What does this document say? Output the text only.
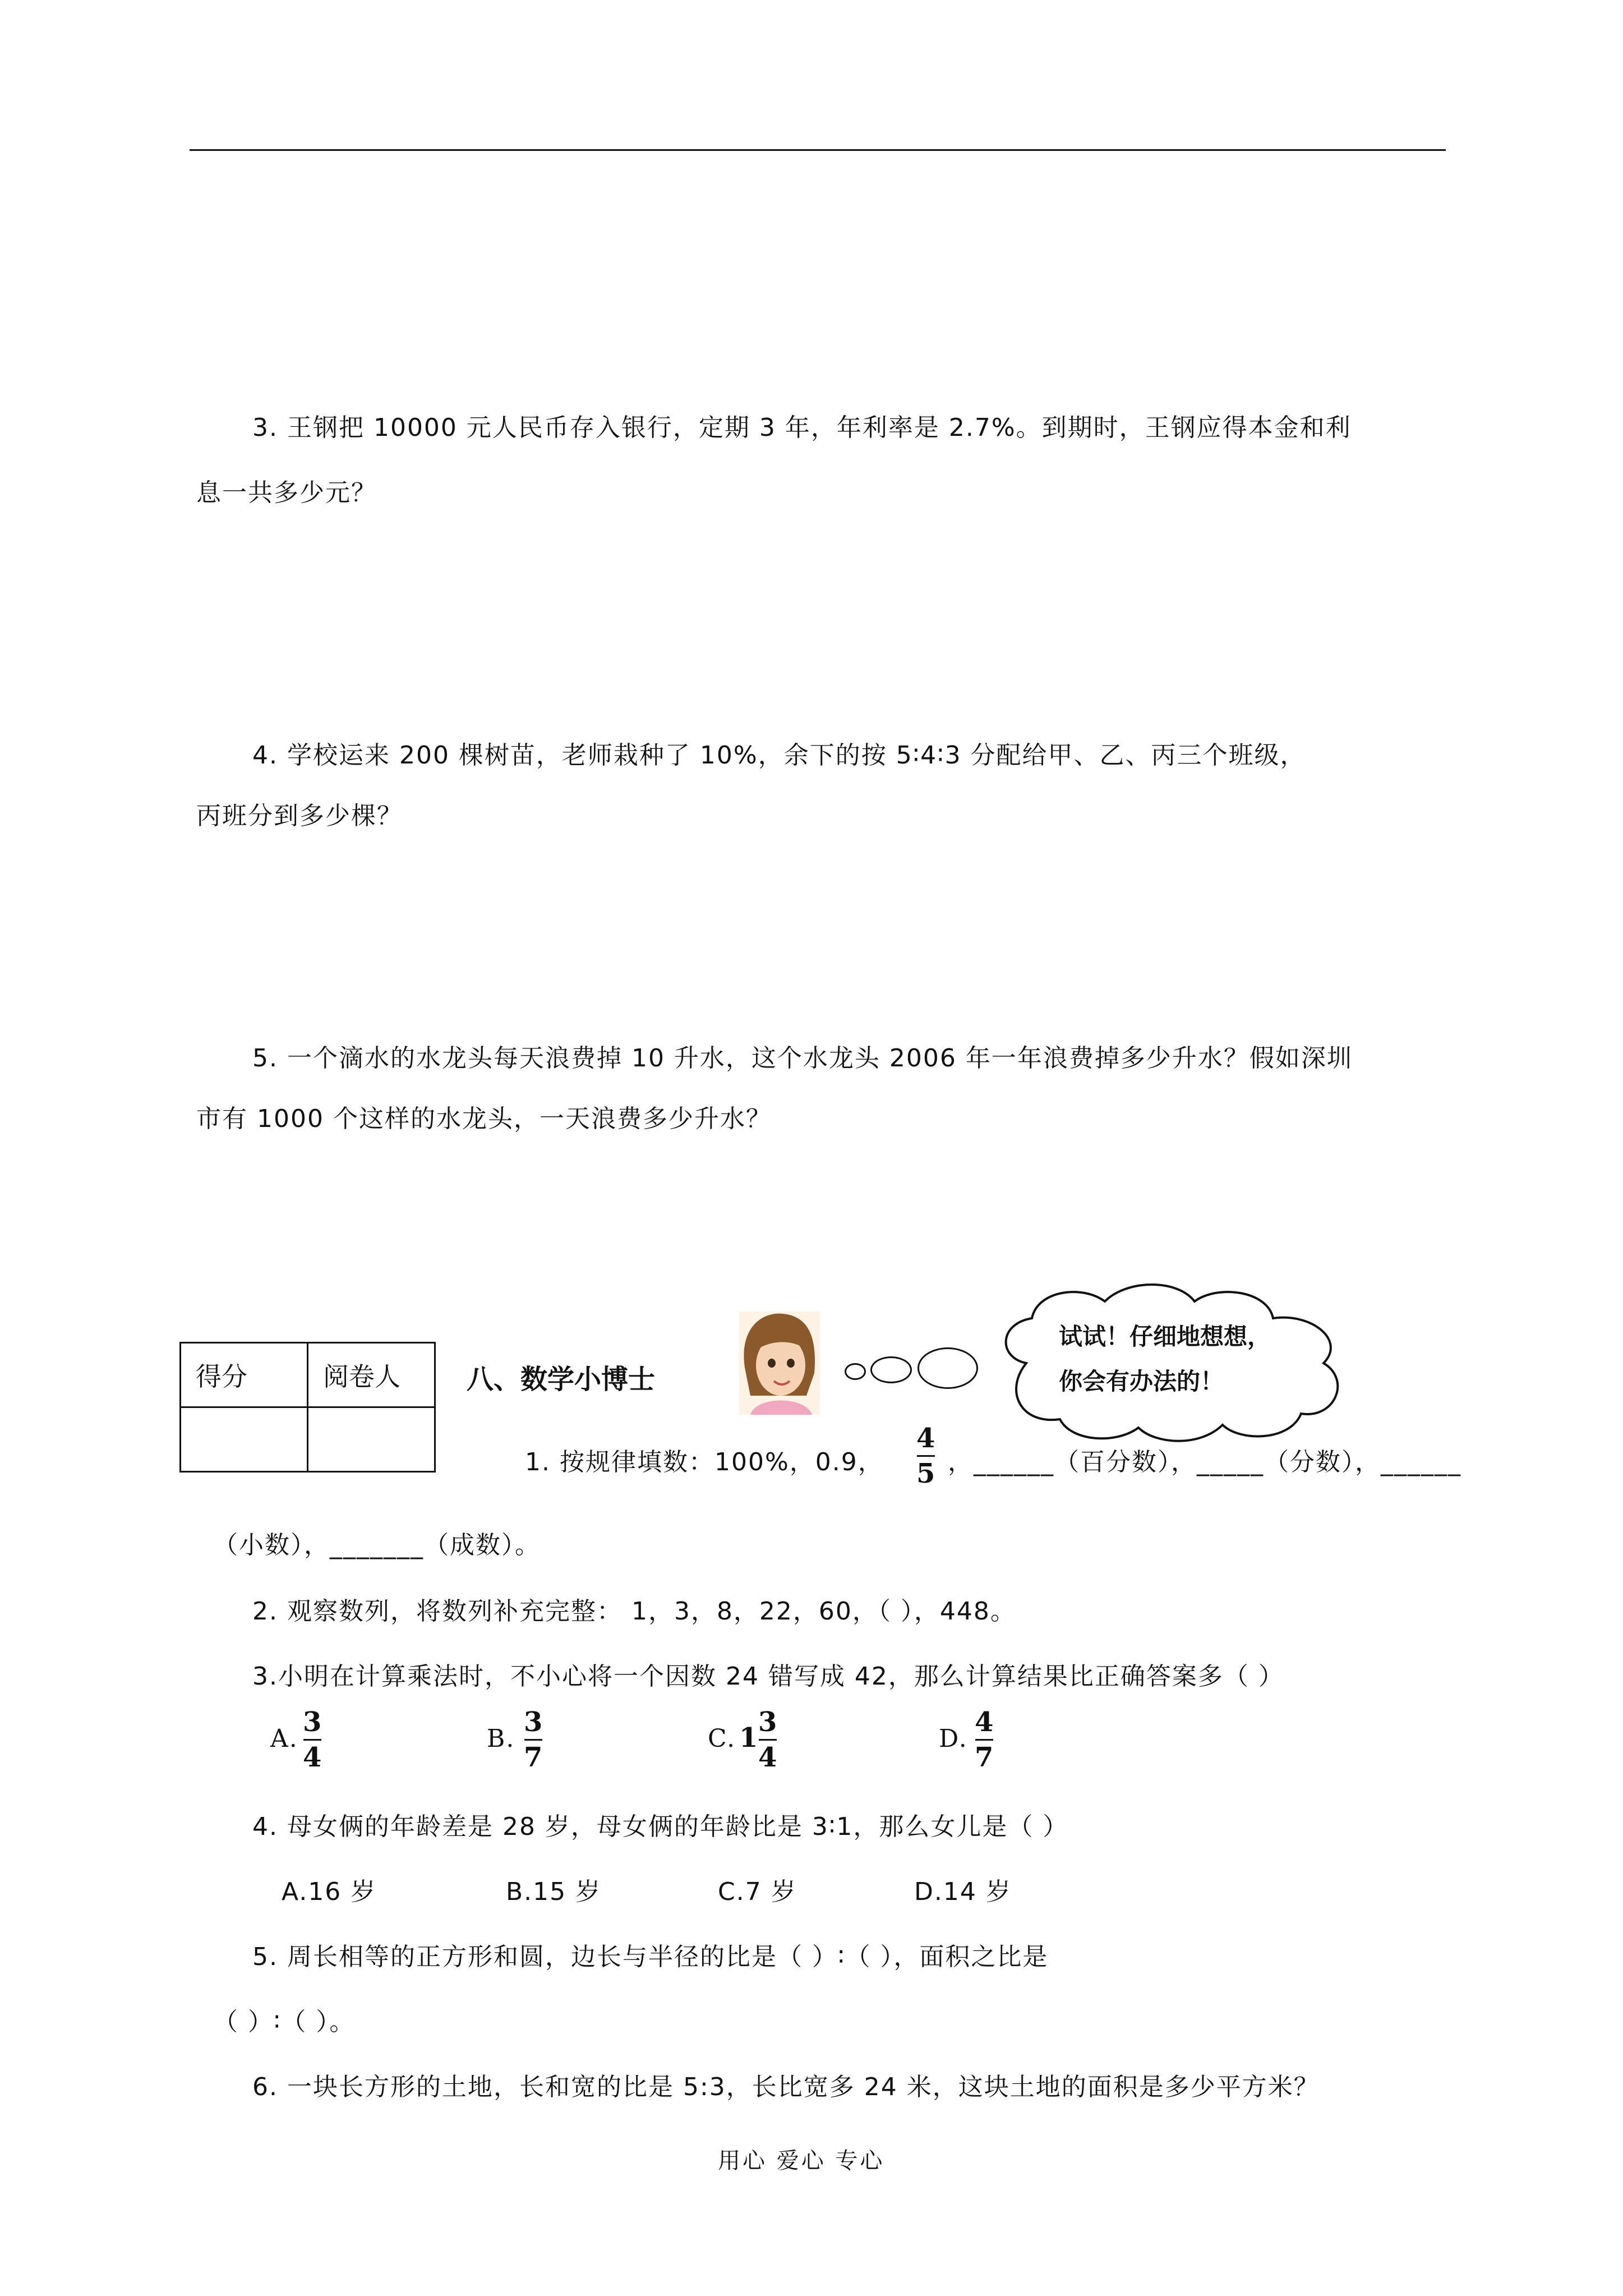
3. 王钢把 10000 元人民币存入银行，定期 3 年，年利率是 2.7%。到期时，王钢应得本金和利
息一共多少元？
4. 学校运来 200 棵树苗，老师栽种了 10%，余下的按 5∶4∶3 分配给甲、乙、丙三个班级，
丙班分到多少棵？
5. 一个滴水的水龙头每天浪费掉 10 升水，这个水龙头 2006 年一年浪费掉多少升水？假如深圳
市有 1000 个这样的水龙头，一天浪费多少升水？
得分	阅卷人
	八、数学小博士
试试！仔细地想想，
你会有办法的！
1. 按规律填数：100%，0.9，
4
5 ，______（百分数），_____（分数），______
（小数），_______（成数）。
2. 观察数列，将数列补充完整： 1，3，8，22，60，（ ），448。
3.小明在计算乘法时，不小心将一个因数 24 错写成 42，那么计算结果比正确答案多（ ）
A.
3
4
B.
3
7
C. 1 3
4
D.
4
7
4. 母女俩的年龄差是 28 岁，母女俩的年龄比是 3∶1，那么女儿是（ ）
A.16 岁	B.15 岁	C.7 岁	D.14 岁
5. 周长相等的正方形和圆，边长与半径的比是（ ）∶（ ），面积之比是
（ ）∶（ ）。
6. 一块长方形的土地，长和宽的比是 5:3，长比宽多 24 米，这块土地的面积是多少平方米？
用心 爱心 专心
